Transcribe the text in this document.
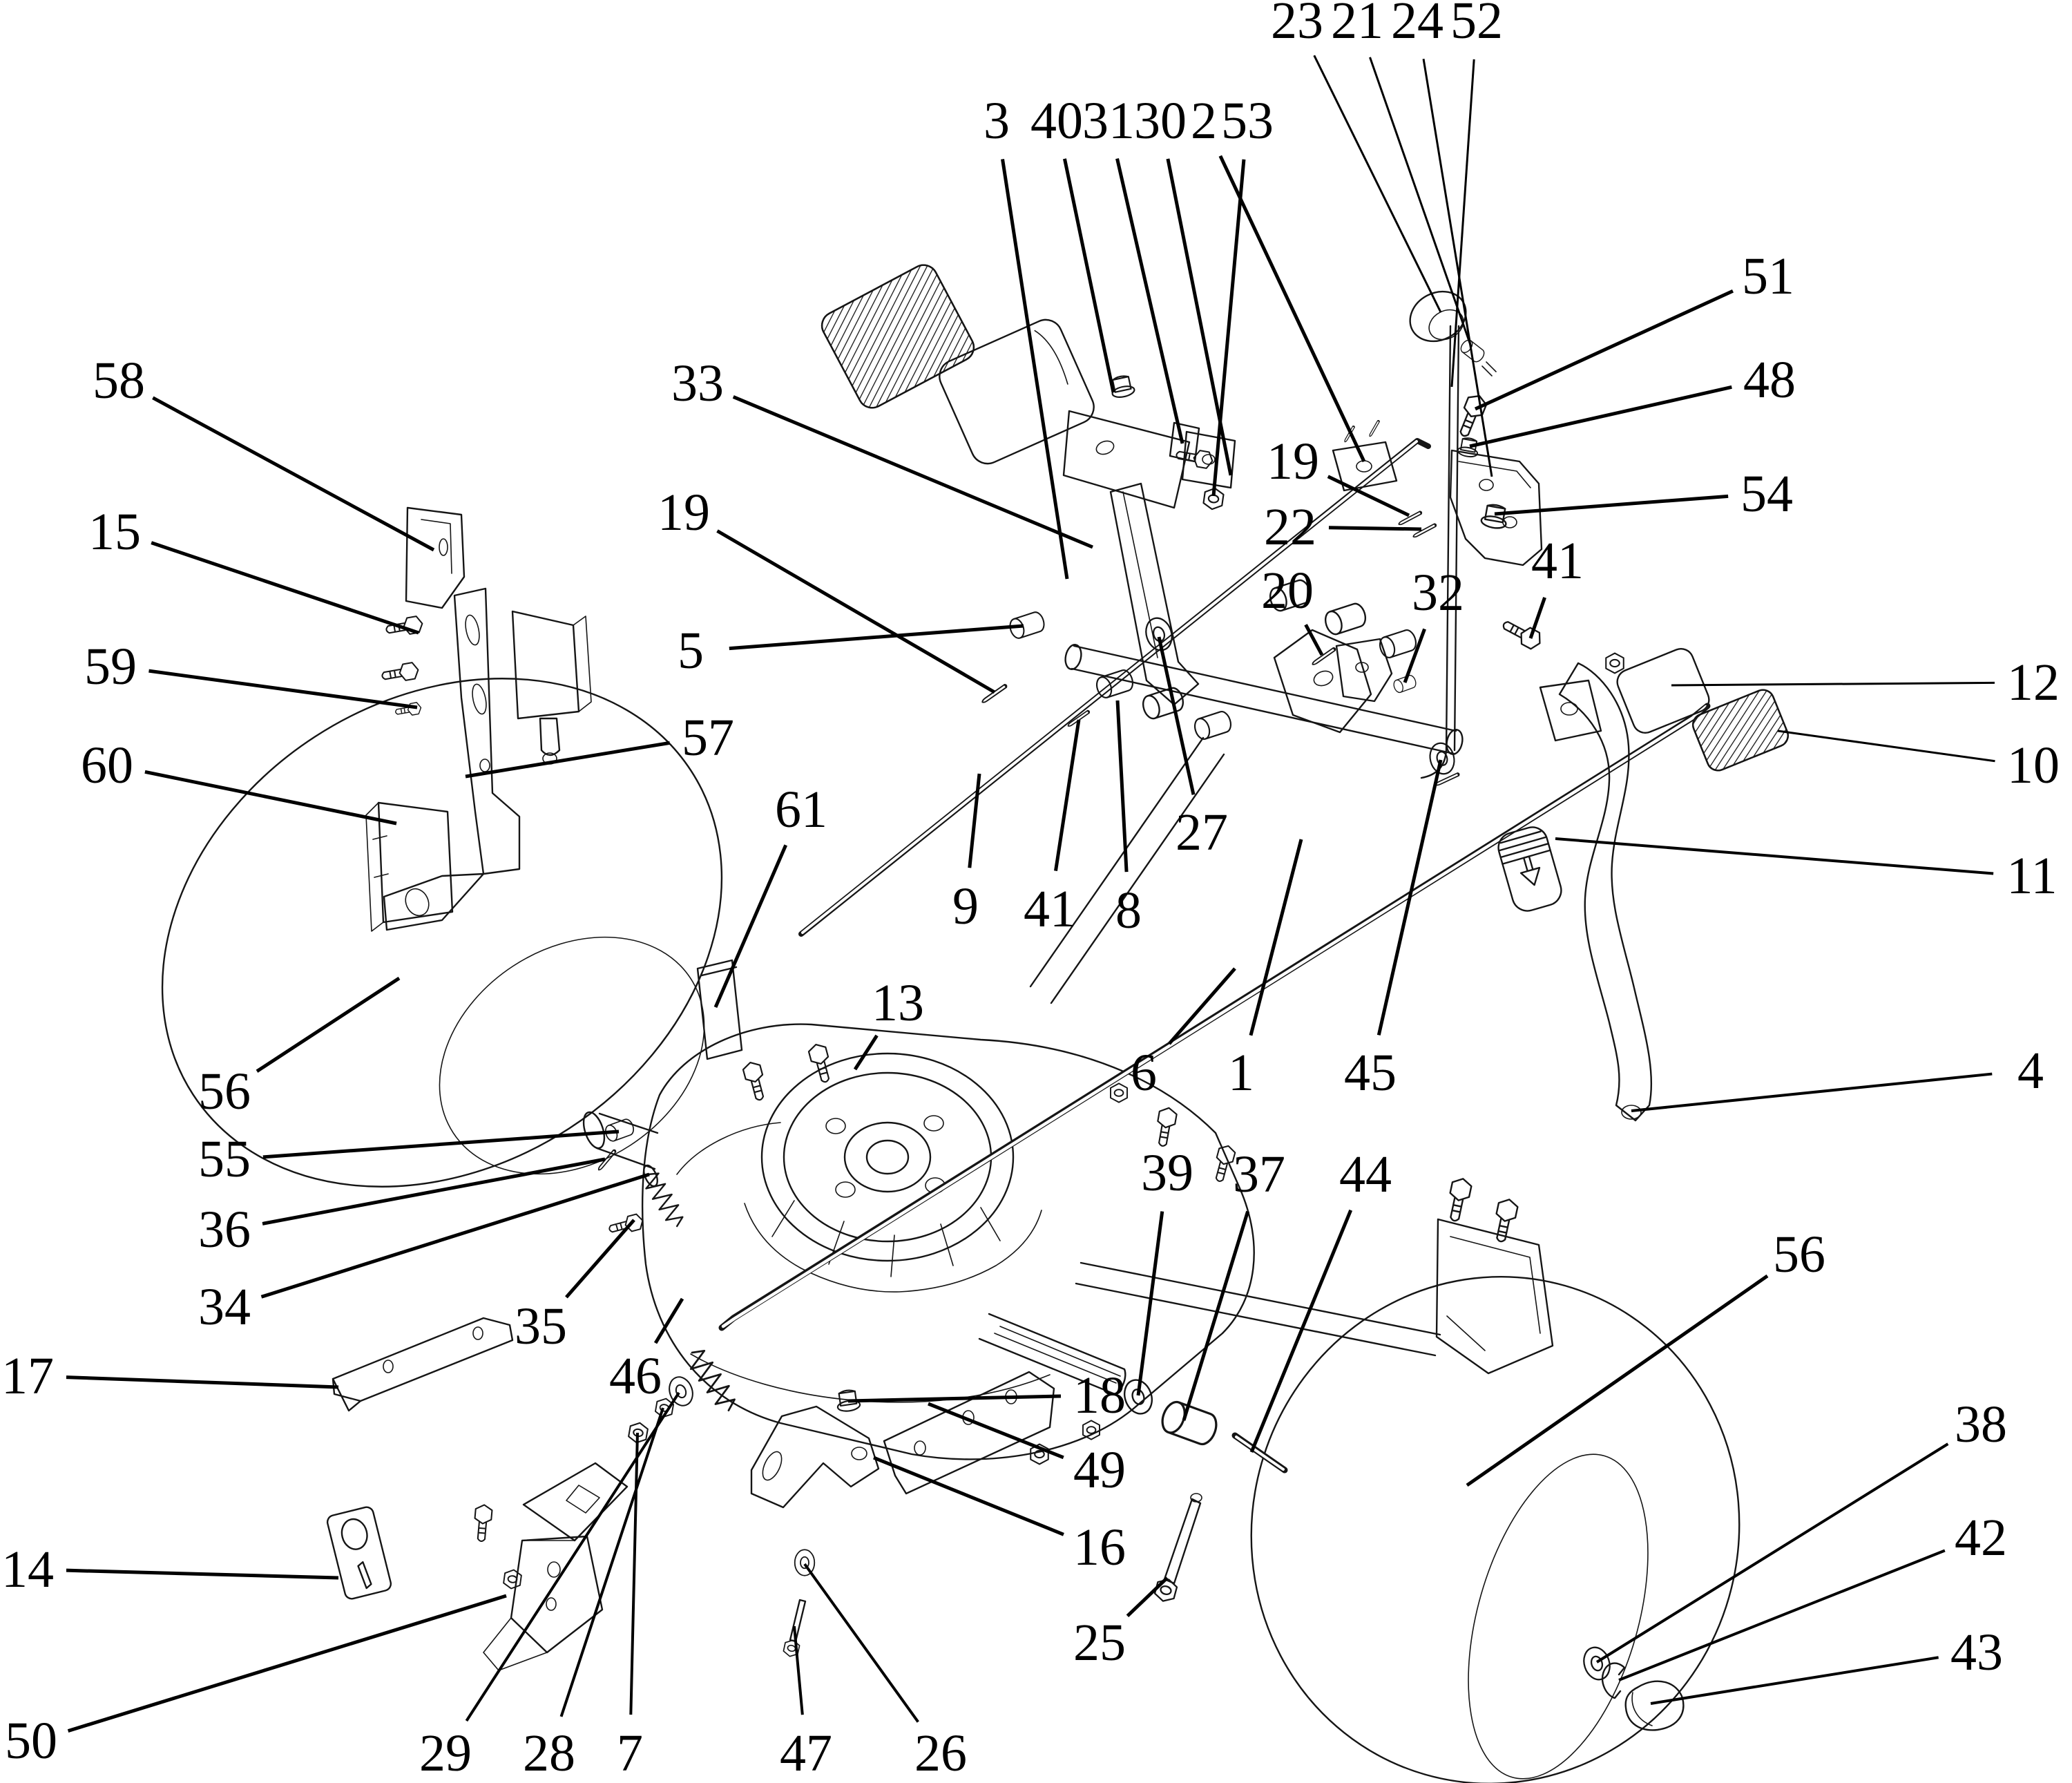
3 40 31 30 2 53
23 21 24 52
51
48
54
12
10
11
4
19
22
20 32
41
33
19
5
9 41 8
27
6 1 45
13
61
58
15
59
60	57
56
55
36
34	35
46
17
14
50	29 28 7	47 26
18
49
16
25
39 37 44
56
38
42
43
